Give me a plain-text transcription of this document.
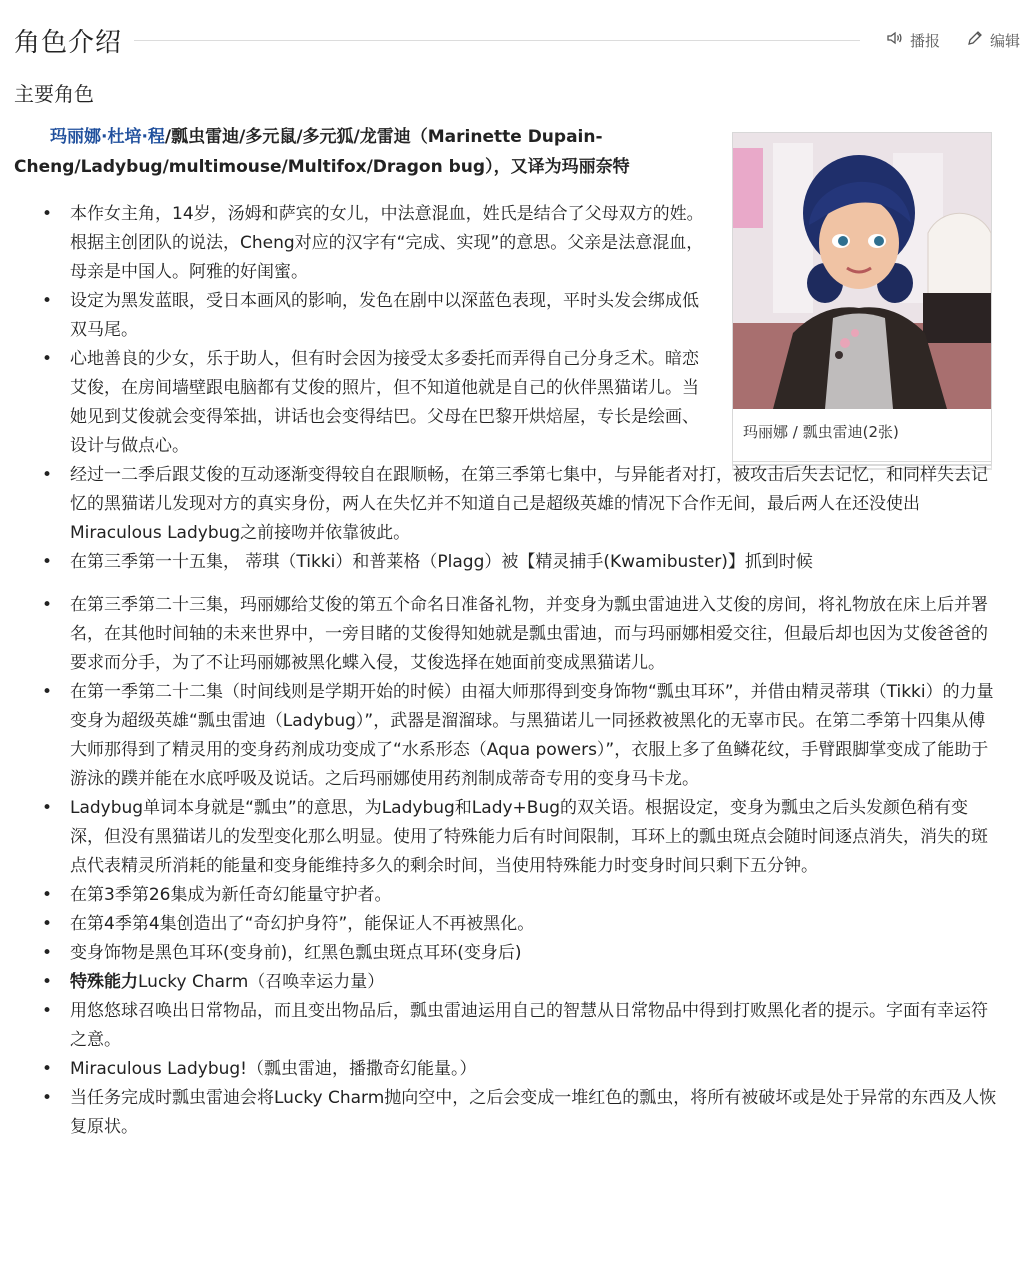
角色介绍	播报	编辑
主要角色
玛丽娜·杜培·程/瓢虫雷迪/多元鼠/多元狐/龙雷迪（Marinette Dupain-Cheng/Ladybug/multimouse/Multifox/Dragon bug），又译为玛丽奈特
玛丽娜 / 瓢虫雷迪(2张)
• 本作女主角，14岁，汤姆和萨宾的女儿，中法意混血，姓氏是结合了父母双方的姓。根据主创团队的说法，Cheng对应的汉字有“完成、实现”的意思。父亲是法意混血，母亲是中国人。阿雅的好闺蜜。
• 设定为黑发蓝眼，受日本画风的影响，发色在剧中以深蓝色表现，平时头发会绑成低双马尾。
• 心地善良的少女，乐于助人，但有时会因为接受太多委托而弄得自己分身乏术。暗恋艾俊，在房间墙壁跟电脑都有艾俊的照片，但不知道他就是自己的伙伴黑猫诺儿。当她见到艾俊就会变得笨拙，讲话也会变得结巴。父母在巴黎开烘焙屋，专长是绘画、设计与做点心。
• 经过一二季后跟艾俊的互动逐渐变得较自在跟顺畅，在第三季第七集中，与异能者对打，被攻击后失去记忆，和同样失去记忆的黑猫诺儿发现对方的真实身份，两人在失忆并不知道自己是超级英雄的情况下合作无间，最后两人在还没使出Miraculous Ladybug之前接吻并依靠彼此。
• 在第三季第一十五集， 蒂琪（Tikki）和普莱格（Plagg）被【精灵捕手(Kwamibuster)】抓到时候
• 在第三季第二十三集，玛丽娜给艾俊的第五个命名日准备礼物，并变身为瓢虫雷迪进入艾俊的房间，将礼物放在床上后并署名，在其他时间轴的未来世界中，一旁目睹的艾俊得知她就是瓢虫雷迪，而与玛丽娜相爱交往，但最后却也因为艾俊爸爸的要求而分手，为了不让玛丽娜被黑化蝶入侵，艾俊选择在她面前变成黑猫诺儿。
• 在第一季第二十二集（时间线则是学期开始的时候）由福大师那得到变身饰物“瓢虫耳环”，并借由精灵蒂琪（Tikki）的力量变身为超级英雄“瓢虫雷迪（Ladybug）”，武器是溜溜球。与黑猫诺儿一同拯救被黑化的无辜市民。在第二季第十四集从傅大师那得到了精灵用的变身药剂成功变成了“水系形态（Aqua powers）”，衣服上多了鱼鳞花纹，手臂跟脚掌变成了能助于游泳的蹼并能在水底呼吸及说话。之后玛丽娜使用药剂制成蒂奇专用的变身马卡龙。
• Ladybug单词本身就是“瓢虫”的意思，为Ladybug和Lady+Bug的双关语。根据设定，变身为瓢虫之后头发颜色稍有变深，但没有黑猫诺儿的发型变化那么明显。使用了特殊能力后有时间限制，耳环上的瓢虫斑点会随时间逐点消失，消失的斑点代表精灵所消耗的能量和变身能维持多久的剩余时间，当使用特殊能力时变身时间只剩下五分钟。
• 在第3季第26集成为新任奇幻能量守护者。
• 在第4季第4集创造出了“奇幻护身符”，能保证人不再被黑化。
• 变身饰物是黑色耳环(变身前)，红黑色瓢虫斑点耳环(变身后)
• 特殊能力Lucky Charm（召唤幸运力量）
• 用悠悠球召唤出日常物品，而且变出物品后，瓢虫雷迪运用自己的智慧从日常物品中得到打败黑化者的提示。字面有幸运符之意。
• Miraculous Ladybug!（瓢虫雷迪，播撒奇幻能量。）
• 当任务完成时瓢虫雷迪会将Lucky Charm抛向空中，之后会变成一堆红色的瓢虫，将所有被破坏或是处于异常的东西及人恢复原状。
